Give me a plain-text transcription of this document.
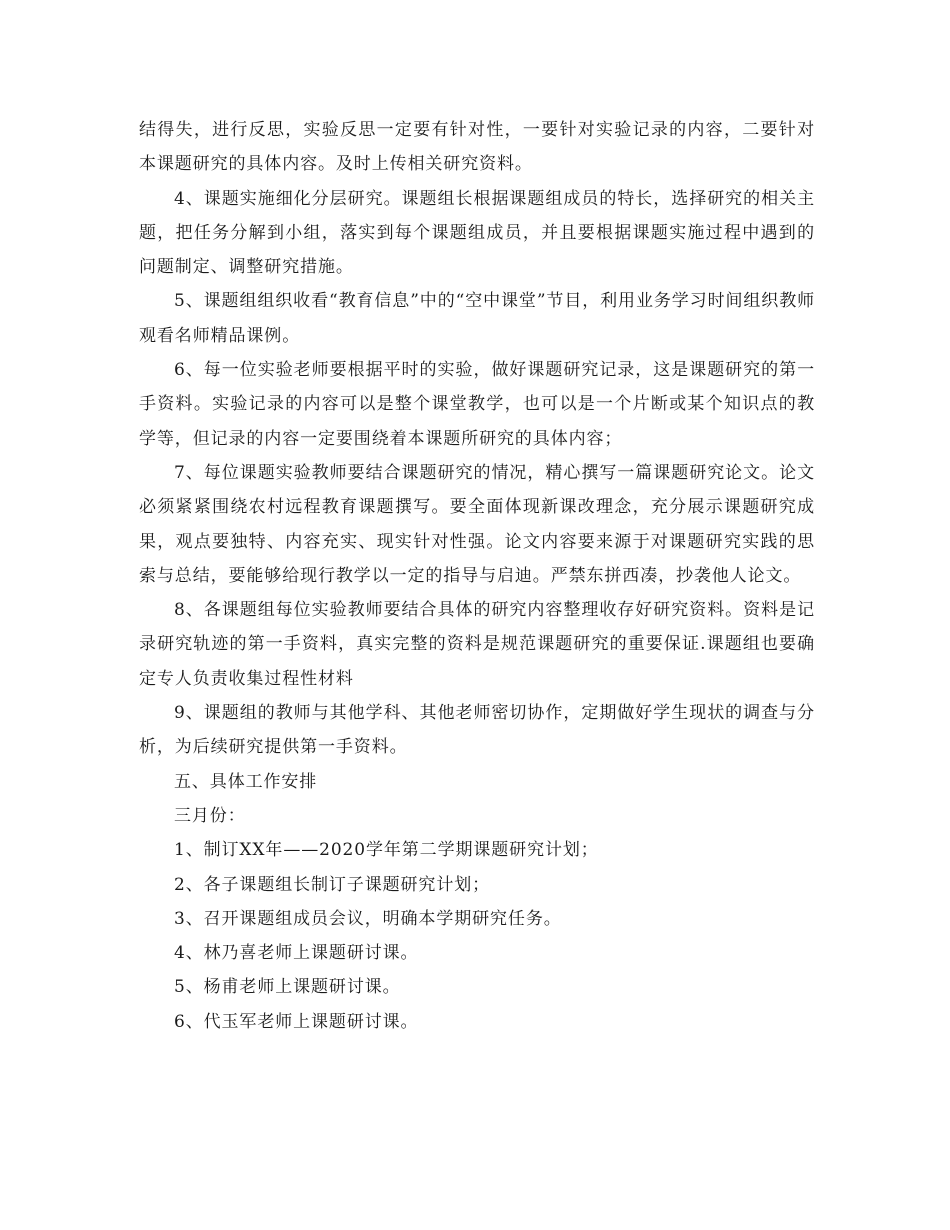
结得失，进行反思，实验反思一定要有针对性，一要针对实验记录的内容，二要针对本课题研究的具体内容。及时上传相关研究资料。

4、课题实施细化分层研究。课题组长根据课题组成员的特长，选择研究的相关主题，把任务分解到小组，落实到每个课题组成员，并且要根据课题实施过程中遇到的问题制定、调整研究措施。

5、课题组组织收看“教育信息”中的“空中课堂”节目，利用业务学习时间组织教师观看名师精品课例。

6、每一位实验老师要根据平时的实验，做好课题研究记录，这是课题研究的第一手资料。实验记录的内容可以是整个课堂教学，也可以是一个片断或某个知识点的教学等，但记录的内容一定要围绕着本课题所研究的具体内容；

7、每位课题实验教师要结合课题研究的情况，精心撰写一篇课题研究论文。论文必须紧紧围绕农村远程教育课题撰写。要全面体现新课改理念，充分展示课题研究成果，观点要独特、内容充实、现实针对性强。论文内容要来源于对课题研究实践的思索与总结，要能够给现行教学以一定的指导与启迪。严禁东拼西凑，抄袭他人论文。

8、各课题组每位实验教师要结合具体的研究内容整理收存好研究资料。资料是记录研究轨迹的第一手资料，真实完整的资料是规范课题研究的重要保证.课题组也要确定专人负责收集过程性材料

9、课题组的教师与其他学科、其他老师密切协作，定期做好学生现状的调查与分析，为后续研究提供第一手资料。

五、具体工作安排

三月份：

1、制订XX年——2020学年第二学期课题研究计划；

2、各子课题组长制订子课题研究计划；

3、召开课题组成员会议，明确本学期研究任务。

4、林乃喜老师上课题研讨课。

5、杨甫老师上课题研讨课。

6、代玉军老师上课题研讨课。
